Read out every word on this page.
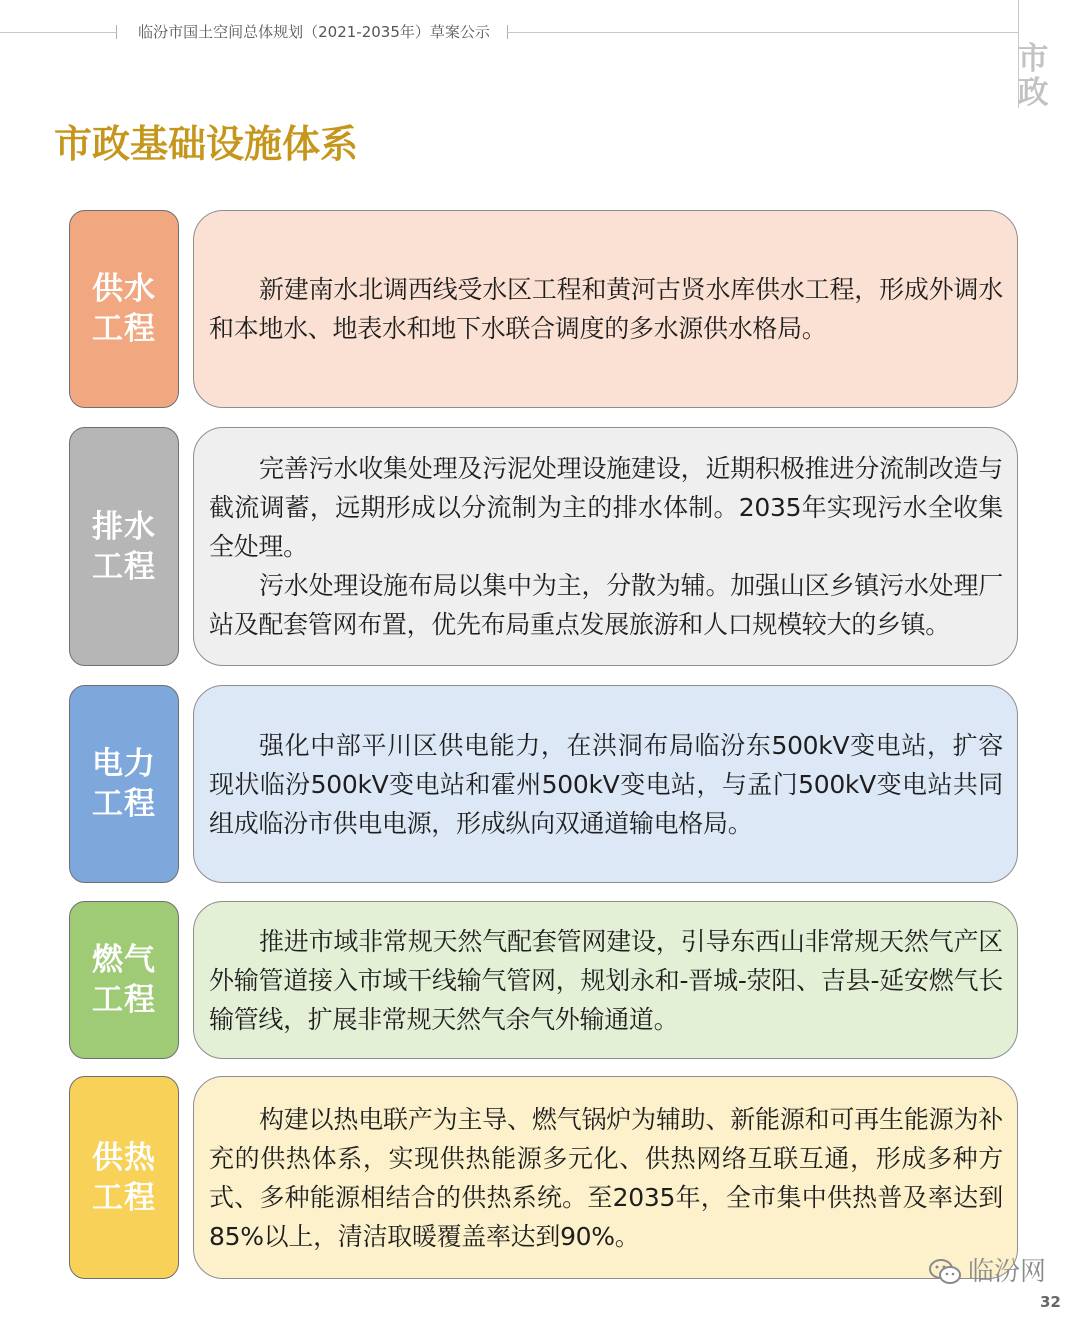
临汾市国土空间总体规划（2021-2035年）草案公示
市政
市政基础设施体系
供水工程

新建南水北调西线受水区工程和黄河古贤水库供水工程，形成外调水和本地水、地表水和地下水联合调度的多水源供水格局。

排水工程

完善污水收集处理及污泥处理设施建设，近期积极推进分流制改造与截流调蓄，远期形成以分流制为主的排水体制。2035年实现污水全收集全处理。

污水处理设施布局以集中为主，分散为辅。加强山区乡镇污水处理厂站及配套管网布置，优先布局重点发展旅游和人口规模较大的乡镇。

电力工程

强化中部平川区供电能力，在洪洞布局临汾东500kV变电站，扩容现状临汾500kV变电站和霍州500kV变电站，与孟门500kV变电站共同组成临汾市供电电源，形成纵向双通道输电格局。

燃气工程

推进市域非常规天然气配套管网建设，引导东西山非常规天然气产区外输管道接入市域干线输气管网，规划永和-晋城-荥阳、吉县-延安燃气长输管线，扩展非常规天然气余气外输通道。

供热工程

构建以热电联产为主导、燃气锅炉为辅助、新能源和可再生能源为补充的供热体系，实现供热能源多元化、供热网络互联互通，形成多种方式、多种能源相结合的供热系统。至2035年，全市集中供热普及率达到85%以上，清洁取暖覆盖率达到90%。

临汾网
32
